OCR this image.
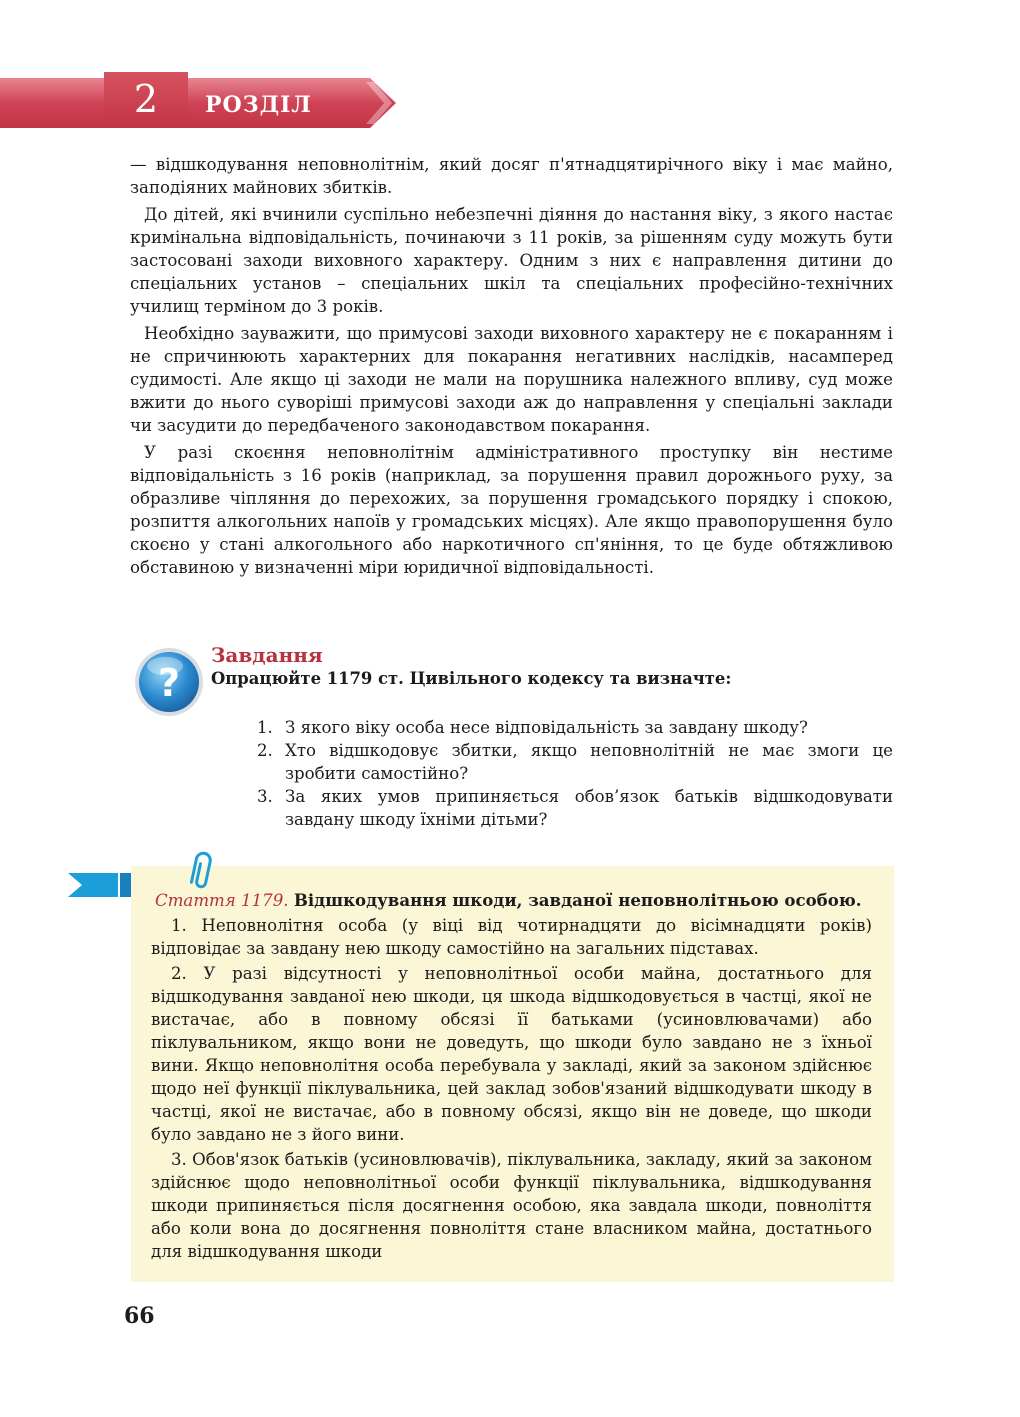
2	РОЗДІЛ

— відшкодування неповнолітнім, який досяг п'ятнадцятирічного віку і має майно, заподіяних майнових збитків.

До дітей, які вчинили суспільно небезпечні діяння до настання віку, з якого настає кримінальна відповідальність, починаючи з 11 років, за рішенням суду можуть бути застосовані заходи виховного характеру. Одним з них є направлення дитини до спеціальних установ – спеціальних шкіл та спеціальних професійно-технічних училищ терміном до 3 років.

Необхідно зауважити, що примусові заходи виховного характеру не є покаранням і не спричинюють характерних для покарання негативних наслідків, насамперед судимості. Але якщо ці заходи не мали на порушника належного впливу, суд може вжити до нього суворіші примусові заходи аж до направлення у спеціальні заклади чи засудити до передбаченого законодавством покарання.

У разі скоєння неповнолітнім адміністративного проступку він нестиме відповідальність з 16 років (наприклад, за порушення правил дорожнього руху, за образливе чіпляння до перехожих, за порушення громадського порядку і спокою, розпиття алкогольних напоїв у громадських місцях). Але якщо правопорушення було скоєно у стані алкогольного або наркотичного сп'яніння, то це буде обтяжливою обставиною у визначенні міри юридичної відповідальності.

?
Завдання
Опрацюйте 1179 ст. Цивільного кодексу та визначте:
1. З якого віку особа несе відповідальність за завдану шкоду?
2. Хто відшкодовує збитки, якщо неповнолітній не має змоги це зробити самостійно?
3. За яких умов припиняється обов’язок батьків відшкодовувати завдану шкоду їхніми дітьми?

Стаття 1179. Відшкодування шкоди, завданої неповнолітньою особою.

1. Неповнолітня особа (у віці від чотирнадцяти до вісімнадцяти років) відповідає за завдану нею шкоду самостійно на загальних підставах.

2. У разі відсутності у неповнолітньої особи майна, достатнього для відшкодування завданої нею шкоди, ця шкода відшкодовується в частці, якої не вистачає, або в повному обсязі її батьками (усиновлювачами) або піклувальником, якщо вони не доведуть, що шкоди було завдано не з їхньої вини. Якщо неповнолітня особа перебувала у закладі, який за законом здійснює щодо неї функції піклувальника, цей заклад зобов'язаний відшкодувати шкоду в частці, якої не вистачає, або в повному обсязі, якщо він не доведе, що шкоди було завдано не з його вини.

3. Обов'язок батьків (усиновлювачів), піклувальника, закладу, який за законом здійснює щодо неповнолітньої особи функції піклувальника, відшкодування шкоди припиняється після досягнення особою, яка завдала шкоди, повноліття або коли вона до досягнення повноліття стане власником майна, достатнього для відшкодування шкоди

66
